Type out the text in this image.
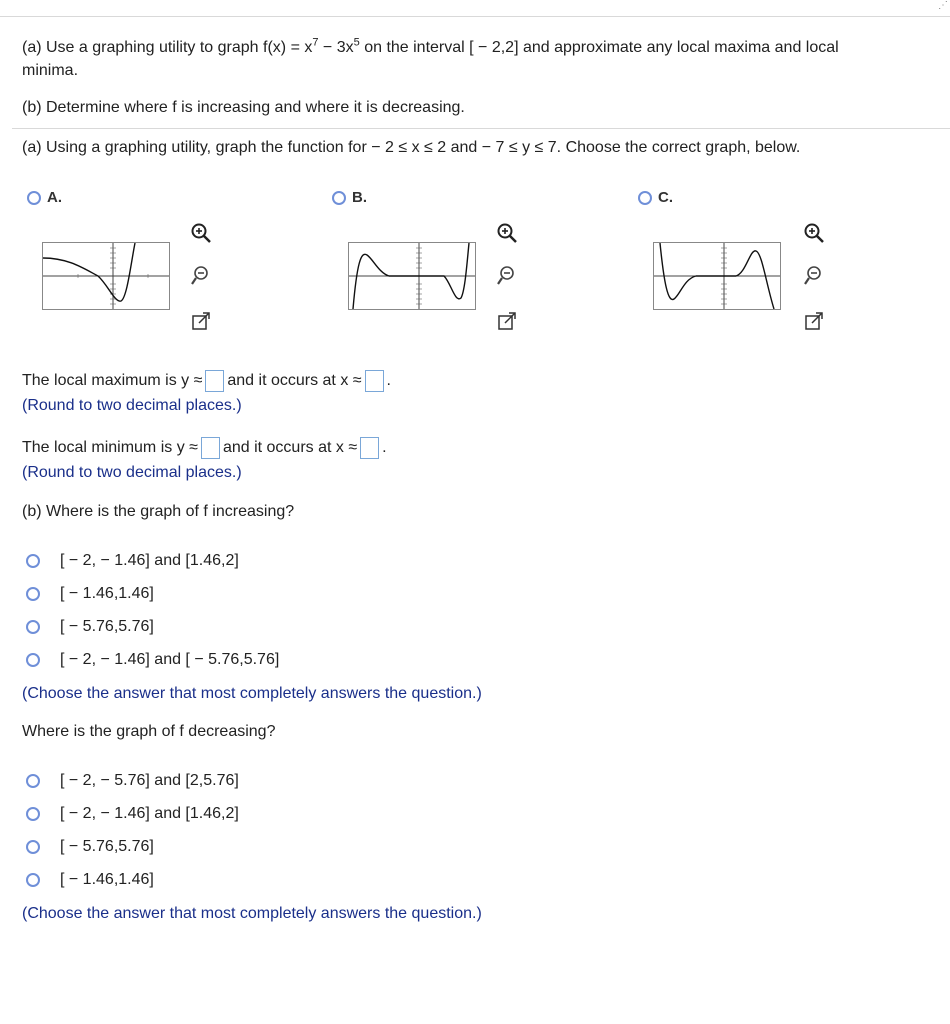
⋰
(a) Use a graphing utility to graph $f(x) = x^7 - 3x^5$ on the interval [ − 2,2] and approximate any local maxima and local
minima.
(b) Determine where f is increasing and where it is decreasing.
(a) Using a graphing utility, graph the function for − 2 ≤ x ≤ 2 and − 7 ≤ y ≤ 7. Choose the correct graph, below.
A.	B.	C.
The local maximum is y ≈ and it occurs at x ≈ .
(Round to two decimal places.)
The local minimum is y ≈ and it occurs at x ≈ .
(Round to two decimal places.)
(b) Where is the graph of f increasing?
[ − 2, − 1.46] and [1.46,2]
[ − 1.46,1.46]
[ − 5.76,5.76]
[ − 2, − 1.46] and [ − 5.76,5.76]
(Choose the answer that most completely answers the question.)
Where is the graph of f decreasing?
[ − 2, − 5.76] and [2,5.76]
[ − 2, − 1.46] and [1.46,2]
[ − 5.76,5.76]
[ − 1.46,1.46]
(Choose the answer that most completely answers the question.)
